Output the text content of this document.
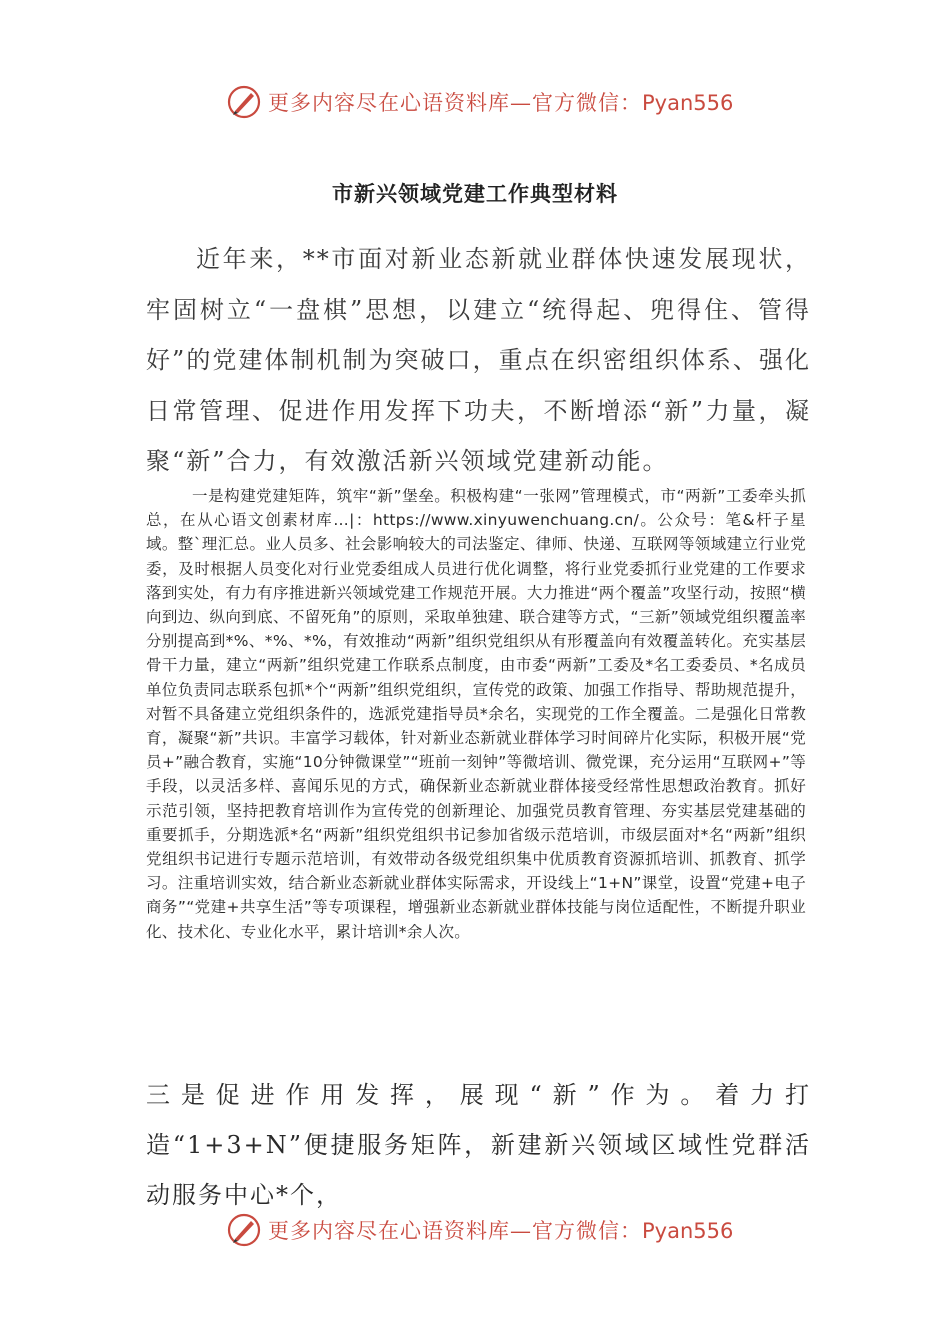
更多内容尽在心语资料库—官方微信：Pyan556
市新兴领域党建工作典型材料

近年来，**市面对新业态新就业群体快速发展现状，牢固树立“一盘棋”思想，以建立“统得起、兜得住、管得好”的党建体制机制为突破口，重点在织密组织体系、强化日常管理、促进作用发挥下功夫，不断增添“新”力量，凝聚“新”合力，有效激活新兴领域党建新动能。

一是构建党建矩阵，筑牢“新”堡垒。积极构建“一张网”管理模式，市“两新”工委牵头抓总，在从心语文创素材库…|：https://www.xinyuwenchuang.cn/。公众号：笔&杆子星域。整`理汇总。业人员多、社会影响较大的司法鉴定、律师、快递、互联网等领域建立行业党委，及时根据人员变化对行业党委组成人员进行优化调整，将行业党委抓行业党建的工作要求落到实处，有力有序推进新兴领域党建工作规范开展。大力推进“两个覆盖”攻坚行动，按照“横向到边、纵向到底、不留死角”的原则，采取单独建、联合建等方式，“三新”领域党组织覆盖率分别提高到*%、*%、*%，有效推动“两新”组织党组织从有形覆盖向有效覆盖转化。充实基层骨干力量，建立“两新”组织党建工作联系点制度，由市委“两新”工委及*名工委委员、*名成员单位负责同志联系包抓*个“两新”组织党组织，宣传党的政策、加强工作指导、帮助规范提升，对暂不具备建立党组织条件的，选派党建指导员*余名，实现党的工作全覆盖。二是强化日常教育，凝聚“新”共识。丰富学习载体，针对新业态新就业群体学习时间碎片化实际，积极开展“党员+”融合教育，实施“10分钟微课堂”“班前一刻钟”等微培训、微党课，充分运用“互联网+”等手段，以灵活多样、喜闻乐见的方式，确保新业态新就业群体接受经常性思想政治教育。抓好示范引领，坚持把教育培训作为宣传党的创新理论、加强党员教育管理、夯实基层党建基础的重要抓手，分期选派*名“两新”组织党组织书记参加省级示范培训，市级层面对*名“两新”组织党组织书记进行专题示范培训，有效带动各级党组织集中优质教育资源抓培训、抓教育、抓学习。注重培训实效，结合新业态新就业群体实际需求，开设线上“1+N”课堂，设置“党建+电子商务”“党建+共享生活”等专项课程，增强新业态新就业群体技能与岗位适配性，不断提升职业化、技术化、专业化水平，累计培训*余人次。

三是促进作用发挥，展现“新”作为。着力打造“1+3+N”便捷服务矩阵，新建新兴领域区域性党群活动服务中心*个，

更多内容尽在心语资料库—官方微信：Pyan556
